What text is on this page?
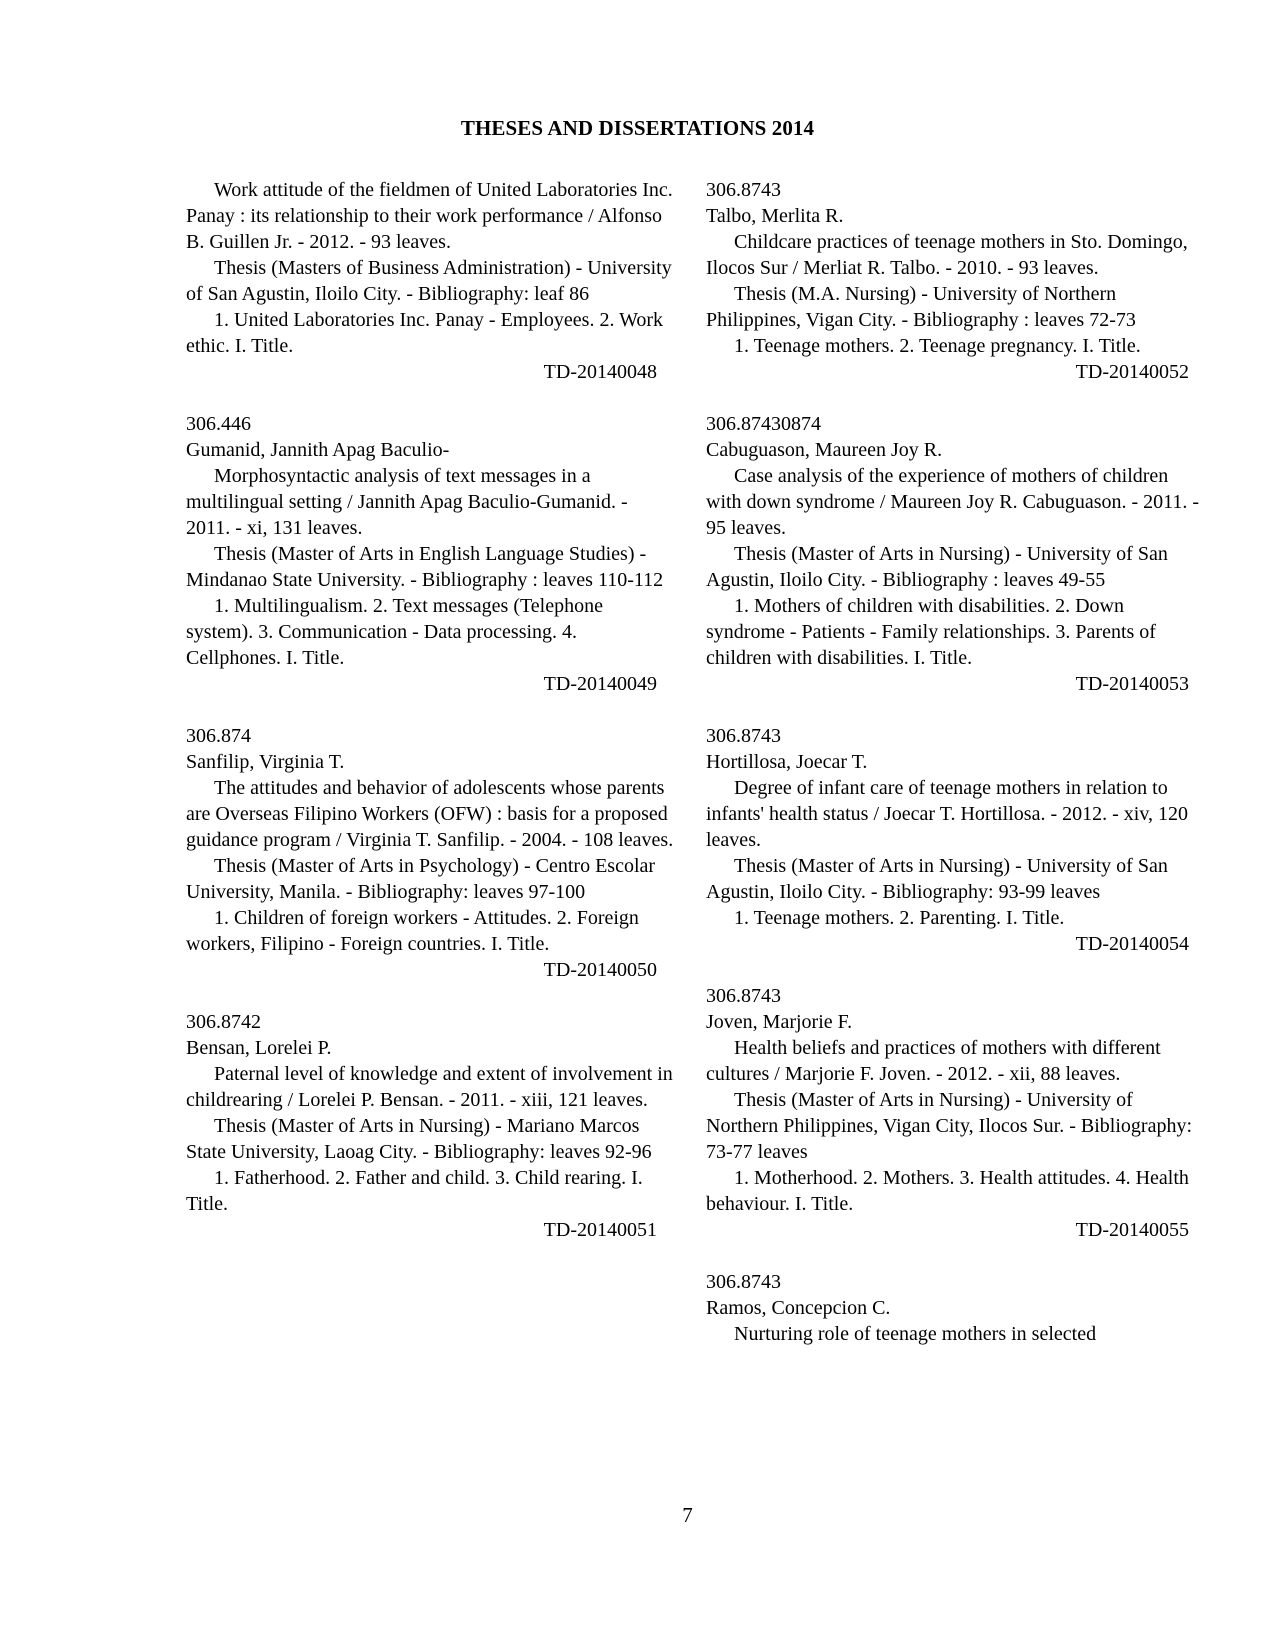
THESES AND DISSERTATIONS 2014

Work attitude of the fieldmen of United Laboratories Inc. Panay : its relationship to their work performance / Alfonso B. Guillen Jr. - 2012. - 93 leaves.

Thesis (Masters of Business Administration) - University of San Agustin, Iloilo City. - Bibliography: leaf 86

1. United Laboratories Inc. Panay - Employees. 2. Work ethic. I. Title.

TD-20140048

306.446

Gumanid, Jannith Apag Baculio-

Morphosyntactic analysis of text messages in a multilingual setting / Jannith Apag Baculio-Gumanid. - 2011. - xi, 131 leaves.

Thesis (Master of Arts in English Language Studies) - Mindanao State University. - Bibliography : leaves 110-112

1. Multilingualism. 2. Text messages (Telephone system). 3. Communication - Data processing. 4. Cellphones. I. Title.

TD-20140049

306.874

Sanfilip, Virginia T.

The attitudes and behavior of adolescents whose parents are Overseas Filipino Workers (OFW) : basis for a proposed guidance program / Virginia T. Sanfilip. - 2004. - 108 leaves.

Thesis (Master of Arts in Psychology) - Centro Escolar University, Manila. - Bibliography: leaves 97-100

1. Children of foreign workers - Attitudes. 2. Foreign workers, Filipino - Foreign countries. I. Title.

TD-20140050

306.8742

Bensan, Lorelei P.

Paternal level of knowledge and extent of involvement in childrearing / Lorelei P. Bensan. - 2011. - xiii, 121 leaves.

Thesis (Master of Arts in Nursing) - Mariano Marcos State University, Laoag City. - Bibliography: leaves 92-96

1. Fatherhood. 2. Father and child. 3. Child rearing. I. Title.

TD-20140051

306.8743

Talbo, Merlita R.

Childcare practices of teenage mothers in Sto. Domingo, Ilocos Sur / Merliat R. Talbo. - 2010. - 93 leaves.

Thesis (M.A. Nursing) - University of Northern Philippines, Vigan City. - Bibliography : leaves 72-73

1. Teenage mothers. 2. Teenage pregnancy. I. Title.

TD-20140052

306.87430874

Cabuguason, Maureen Joy R.

Case analysis of the experience of mothers of children with down syndrome / Maureen Joy R. Cabuguason. - 2011. - 95 leaves.

Thesis (Master of Arts in Nursing) - University of San Agustin, Iloilo City. - Bibliography : leaves 49-55

1. Mothers of children with disabilities. 2. Down syndrome - Patients - Family relationships. 3. Parents of children with disabilities. I. Title.

TD-20140053

306.8743

Hortillosa, Joecar T.

Degree of infant care of teenage mothers in relation to infants' health status / Joecar T. Hortillosa. - 2012. - xiv, 120 leaves.

Thesis (Master of Arts in Nursing) - University of San Agustin, Iloilo City. - Bibliography: 93-99 leaves

1. Teenage mothers. 2. Parenting. I. Title.

TD-20140054

306.8743

Joven, Marjorie F.

Health beliefs and practices of mothers with different cultures / Marjorie F. Joven. - 2012. - xii, 88 leaves.

Thesis (Master of Arts in Nursing) - University of Northern Philippines, Vigan City, Ilocos Sur. - Bibliography: 73-77 leaves

1. Motherhood. 2. Mothers. 3. Health attitudes. 4. Health behaviour. I. Title.

TD-20140055

306.8743

Ramos, Concepcion C.

Nurturing role of teenage mothers in selected

7
